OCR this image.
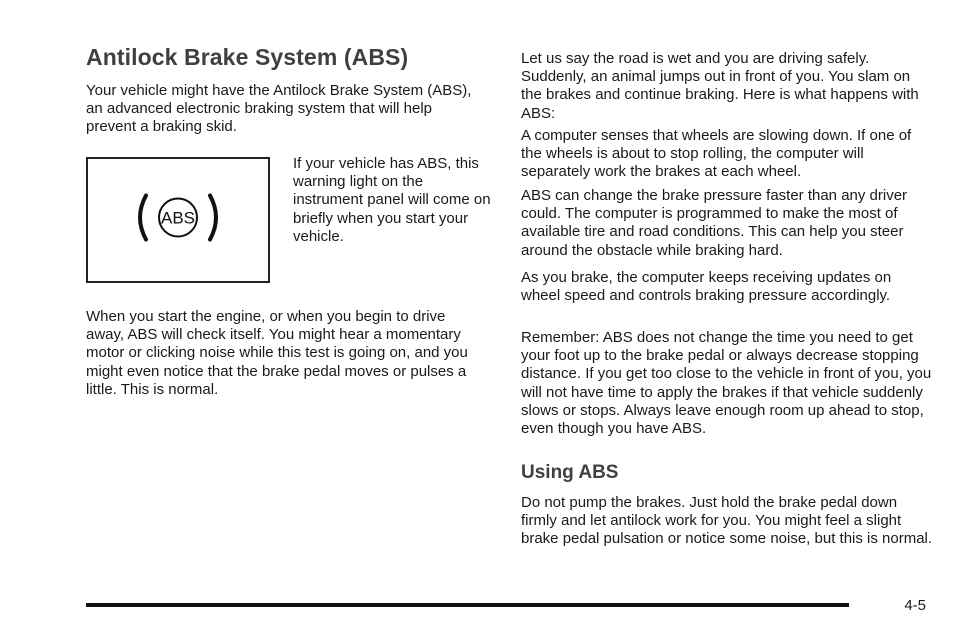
Antilock Brake System (ABS)

Your vehicle might have the Antilock Brake System (ABS), an advanced electronic braking system that will help prevent a braking skid.

ABS

If your vehicle has ABS, this warning light on the instrument panel will come on briefly when you start your vehicle.

When you start the engine, or when you begin to drive away, ABS will check itself. You might hear a momentary motor or clicking noise while this test is going on, and you might even notice that the brake pedal moves or pulses a little. This is normal.

Let us say the road is wet and you are driving safely. Suddenly, an animal jumps out in front of you. You slam on the brakes and continue braking. Here is what happens with ABS:

A computer senses that wheels are slowing down. If one of the wheels is about to stop rolling, the computer will separately work the brakes at each wheel.

ABS can change the brake pressure faster than any driver could. The computer is programmed to make the most of available tire and road conditions. This can help you steer around the obstacle while braking hard.

As you brake, the computer keeps receiving updates on wheel speed and controls braking pressure accordingly.

Remember: ABS does not change the time you need to get your foot up to the brake pedal or always decrease stopping distance. If you get too close to the vehicle in front of you, you will not have time to apply the brakes if that vehicle suddenly slows or stops. Always leave enough room up ahead to stop, even though you have ABS.

Using ABS

Do not pump the brakes. Just hold the brake pedal down firmly and let antilock work for you. You might feel a slight brake pedal pulsation or notice some noise, but this is normal.

4-5
